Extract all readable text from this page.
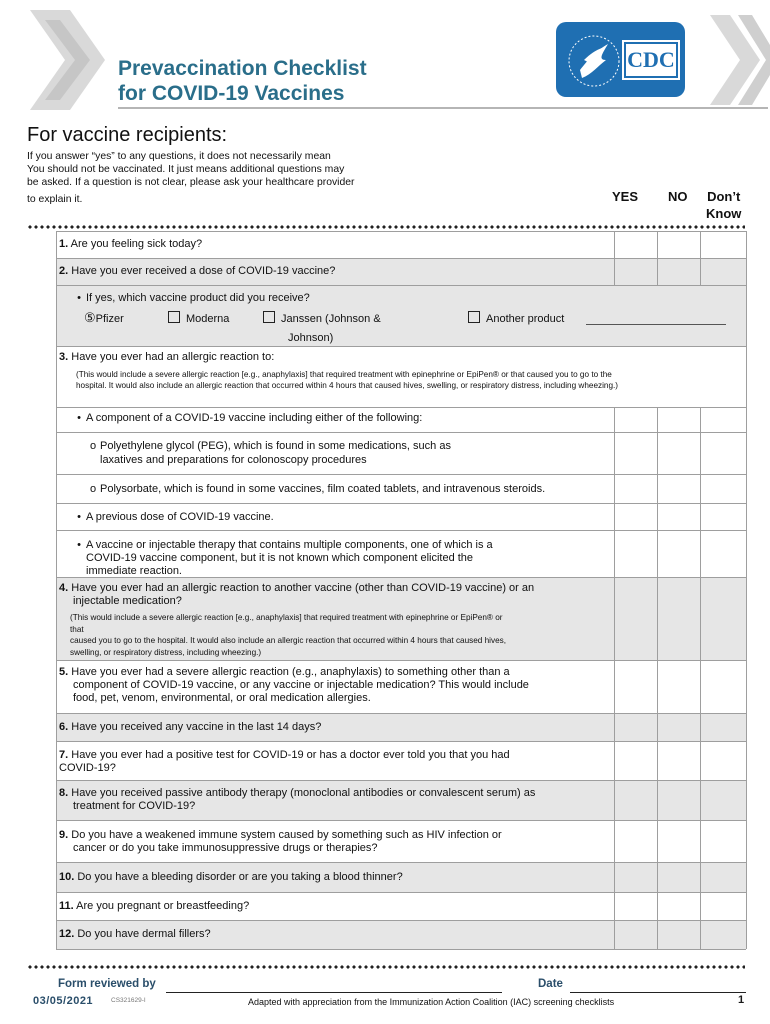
Prevaccination Checklist
for COVID-19 Vaccines
CDC
For vaccine recipients:
If you answer “yes” to any questions, it does not necessarily mean
You should not be vaccinated. It just means additional questions may
be asked. If a question is not clear, please ask your healthcare provider
to explain it.	YES NO Don’t
Know
1. Are you feeling sick today?
2. Have you ever received a dose of COVID-19 vaccine?
• If yes, which vaccine product did you receive?
⑤Pfizer	Moderna	Janssen (Johnson &
Johnson)
Another product
3. Have you ever had an allergic reaction to:
(This would include a severe allergic reaction [e.g., anaphylaxis] that required treatment with epinephrine or EpiPen® or that caused you to go to the
hospital. It would also include an allergic reaction that occurred within 4 hours that caused hives, swelling, or respiratory distress, including wheezing.)
• A component of a COVID-19 vaccine including either of the following:
o Polyethylene glycol (PEG), which is found in some medications, such as
laxatives and preparations for colonoscopy procedures
o Polysorbate, which is found in some vaccines, film coated tablets, and intravenous steroids.
• A previous dose of COVID-19 vaccine.
• A vaccine or injectable therapy that contains multiple components, one of which is a
COVID-19 vaccine component, but it is not known which component elicited the
immediate reaction.
4. Have you ever had an allergic reaction to another vaccine (other than COVID-19 vaccine) or an
injectable medication?
(This would include a severe allergic reaction [e.g., anaphylaxis] that required treatment with epinephrine or EpiPen® or
that
caused you to go to the hospital. It would also include an allergic reaction that occurred within 4 hours that caused hives,
swelling, or respiratory distress, including wheezing.)
5. Have you ever had a severe allergic reaction (e.g., anaphylaxis) to something other than a
component of COVID-19 vaccine, or any vaccine or injectable medication? This would include
food, pet, venom, environmental, or oral medication allergies.
6. Have you received any vaccine in the last 14 days?
7. Have you ever had a positive test for COVID-19 or has a doctor ever told you that you had
COVID-19?
8. Have you received passive antibody therapy (monoclonal antibodies or convalescent serum) as
treatment for COVID-19?
9. Do you have a weakened immune system caused by something such as HIV infection or
cancer or do you take immunosuppressive drugs or therapies?
10. Do you have a bleeding disorder or are you taking a blood thinner?
11. Are you pregnant or breastfeeding?
12. Do you have dermal fillers?
Form reviewed by	Date
03/05/2021	CS321629-I	Adapted with appreciation from the Immunization Action Coalition (IAC) screening checklists	1
